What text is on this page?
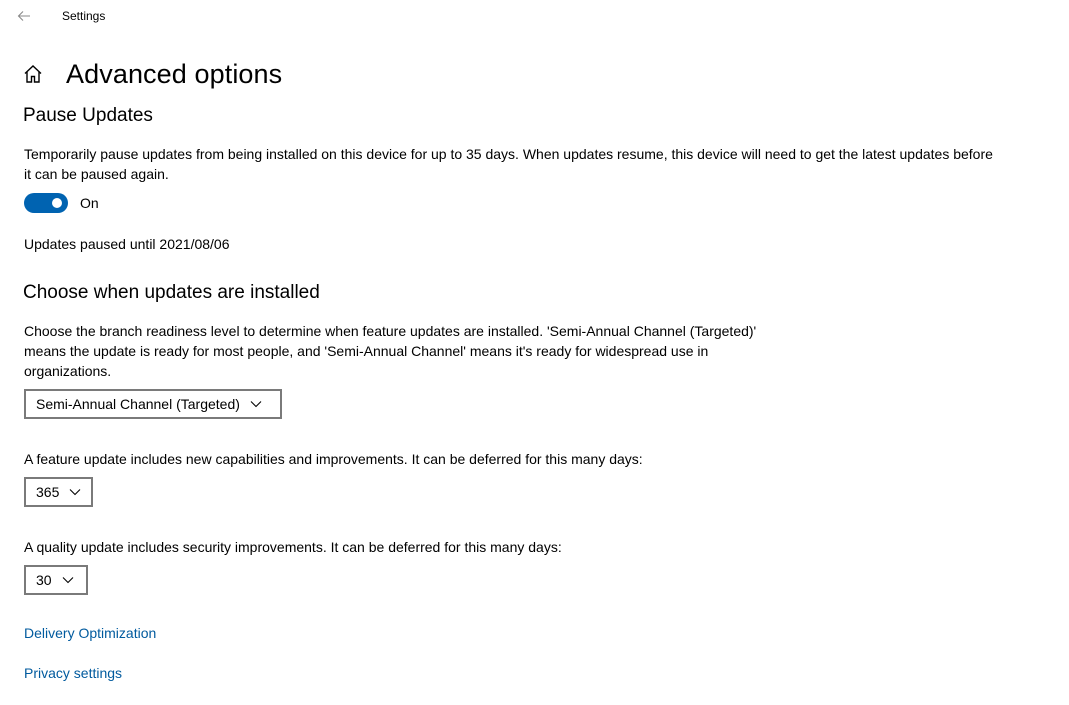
Settings
Advanced options
Pause Updates
Temporarily pause updates from being installed on this device for up to 35 days. When updates resume, this device will need to get the latest updates before
it can be paused again.
On
Updates paused until 2021/08/06
Choose when updates are installed
Choose the branch readiness level to determine when feature updates are installed. 'Semi-Annual Channel (Targeted)'
means the update is ready for most people, and 'Semi-Annual Channel' means it's ready for widespread use in
organizations.
Semi-Annual Channel (Targeted)
A feature update includes new capabilities and improvements. It can be deferred for this many days:
365
A quality update includes security improvements. It can be deferred for this many days:
30
Delivery Optimization
Privacy settings
